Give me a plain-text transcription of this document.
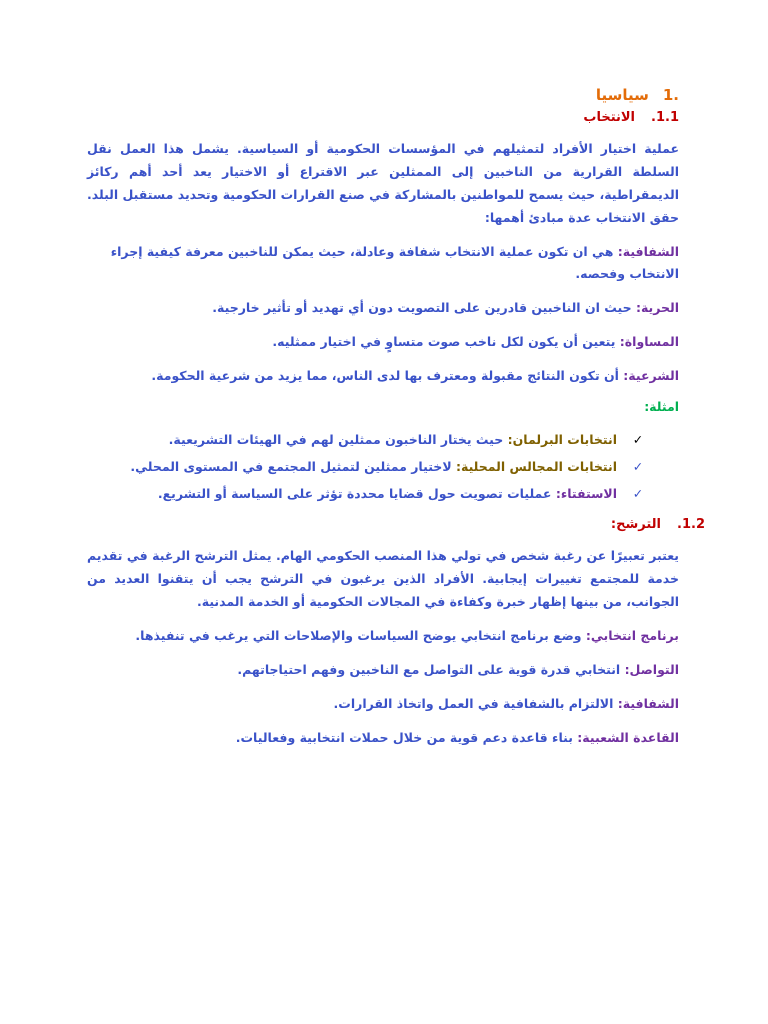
.1
سياسيا
1.1.
الانتخاب

عملية اختيار الأفراد لتمثيلهم في المؤسسات الحكومية أو السياسية. يشمل هذا العمل نقل السلطة القرارية من الناخبين إلى الممثلين عبر الاقتراع أو الاختيار يعد أحد أهم ركائز الديمقراطية، حيث يسمح للمواطنين بالمشاركة في صنع القرارات الحكومية وتحديد مستقبل البلد. حقق الانتخاب عدة مبادئ أهمها:

الشفافية: هي ان تكون عملية الانتخاب شفافة وعادلة، حيث يمكن للناخبين معرفة كيفية إجراء الانتخاب وفحصه.
الحرية: حيث ان الناخبين قادرين على التصويت دون أي تهديد أو تأثير خارجية.
المساواة: يتعين أن يكون لكل ناخب صوت متساوٍ في اختيار ممثليه.
الشرعية: أن تكون النتائج مقبولة ومعترف بها لدى الناس، مما يزيد من شرعية الحكومة.
امثلة:
✓
انتخابات البرلمان: حيث يختار الناخبون ممثلين لهم في الهيئات التشريعية.
✓
انتخابات المجالس المحلية: لاختيار ممثلين لتمثيل المجتمع في المستوى المحلي.
✓
الاستفتاء: عمليات تصويت حول قضايا محددة تؤثر على السياسة أو التشريع.
1.2.
الترشح:

يعتبر تعبيرًا عن رغبة شخص في تولي هذا المنصب الحكومي الهام. يمثل الترشح الرغبة في تقديم خدمة للمجتمع تغييرات إيجابية. الأفراد الذين يرغبون في الترشح يجب أن يتقنوا العديد من الجوانب، من بينها إظهار خبرة وكفاءة في المجالات الحكومية أو الخدمة المدنية.

برنامج انتخابي: وضع برنامج انتخابي يوضح السياسات والإصلاحات التي يرغب في تنفيذها.
التواصل: انتخابي قدرة قوية على التواصل مع الناخبين وفهم احتياجاتهم.
الشفافية: الالتزام بالشفافية في العمل واتخاذ القرارات.
القاعدة الشعبية: بناء قاعدة دعم قوية من خلال حملات انتخابية وفعاليات.
